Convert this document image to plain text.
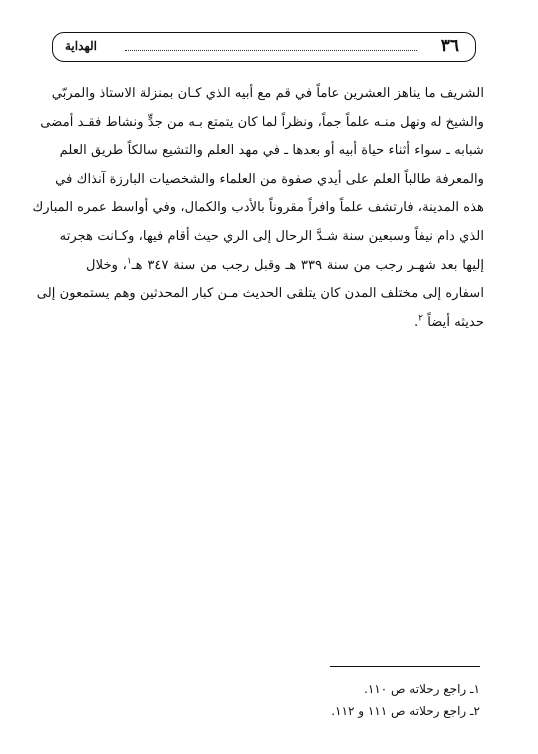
٣٦
الهداية
الشريف ما يناهز العشرين عاماً في قم مع أبيه الذي كـان بمنزلة الاستاذ والمربّي
والشيخ له ونهل منـه علماً جماً، ونظراً لما كان يتمتع بـه من جدٍّ ونشاط فقـد أمضى
شبابه ـ سواء أثناء حياة أبيه أو بعدها ـ في مهد العلم والتشيع سالكاً طريق العلم
والمعرفة طالباً العلم على أيدي صفوة من العلماء والشخصيات البارزة آنذاك في
هذه المدينة، فارتشف علماً وافراً مقروناً بالأدب والكمال، وفي أواسط عمره المبارك
الذي دام نيفاً وسبعين سنة شـدَّ الرحال إلى الري حيث أقام فيها، وكـانت هجرته
إليها بعد شهـر رجب من سنة ٣٣٩ هـ وقبل رجب من سنة ٣٤٧ هـ$^١$، وخلال
اسفاره إلى مختلف المدن كان يتلقى الحديث مـن كبار المحدثين وهم يستمعون إلى
حديثه أيضاً $^٢$.
١ـ راجع رحلاته ص ١١٠.
٢ـ راجع رحلاته ص ١١١ و ١١٢.
